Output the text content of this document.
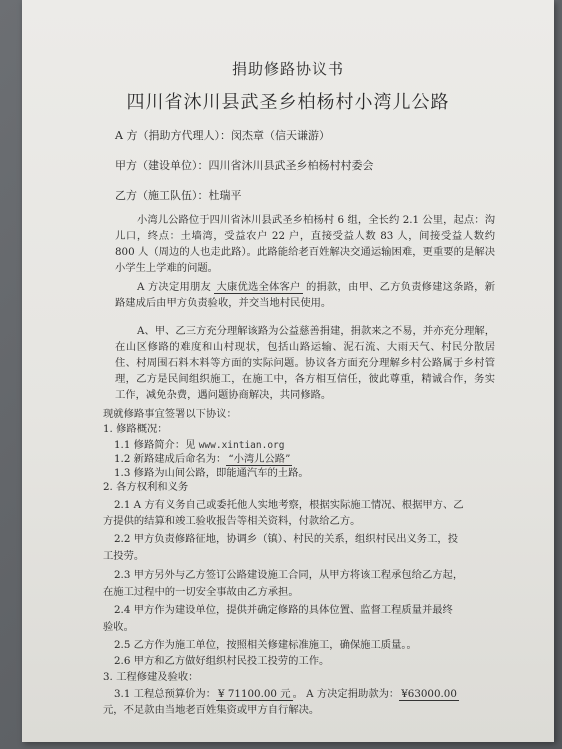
捐助修路协议书
四川省沐川县武圣乡柏杨村小湾儿公路
A 方（捐助方代理人）：闵杰章（信天谦游）
甲方（建设单位）：四川省沐川县武圣乡柏杨村村委会
乙方（施工队伍）：杜瑞平
小湾儿公路位于四川省沐川县武圣乡柏杨村 6 组，全长约 2.1 公里，起点：沟儿口，终点：土墙湾，受益农户 22 户，直接受益人数 83 人，间接受益人数约 800 人（周边的人也走此路）。此路能给老百姓解决交通运输困难，更重要的是解决小学生上学难的问题。
A 方决定用朋友 大康优选全体客户 的捐款，由甲、乙方负责修建这条路，新路建成后由甲方负责验收，并交当地村民使用。
A、甲、乙三方充分理解该路为公益慈善捐建，捐款来之不易，并亦充分理解，在山区修路的难度和山村现状，包括山路运输、泥石流、大雨天气、村民分散居住、村周围石料木料等方面的实际问题。协议各方面充分理解乡村公路属于乡村管理，乙方是民间组织施工，在施工中，各方相互信任，彼此尊重，精诚合作，务实工作，减免杂费，遇问题协商解决，共同修路。
现就修路事宜签署以下协议：
1. 修路概况：
1.1 修路简介：见 www.xintian.org
1.2 新路建成后命名为： “小湾儿公路”
1.3 修路为山间公路，即能通汽车的土路。
2. 各方权利和义务
2.1 A 方有义务自己或委托他人实地考察，根据实际施工情况、根据甲方、乙
方提供的结算和竣工验收报告等相关资料，付款给乙方。
2.2 甲方负责修路征地，协调乡（镇）、村民的关系，组织村民出义务工，投
工投劳。
2.3 甲方另外与乙方签订公路建设施工合同，从甲方将该工程承包给乙方起，
在施工过程中的一切安全事故由乙方承担。
2.4 甲方作为建设单位，提供并确定修路的具体位置、监督工程质量并最终
验收。
2.5 乙方作为施工单位，按照相关修建标准施工，确保施工质量。。
2.6 甲方和乙方做好组织村民投工投劳的工作。
3. 工程修建及验收：
3.1 工程总预算价为： ¥ 71100.00 元 。 A 方决定捐助款为： ¥63000.00
元，不足款由当地老百姓集资或甲方自行解决。
